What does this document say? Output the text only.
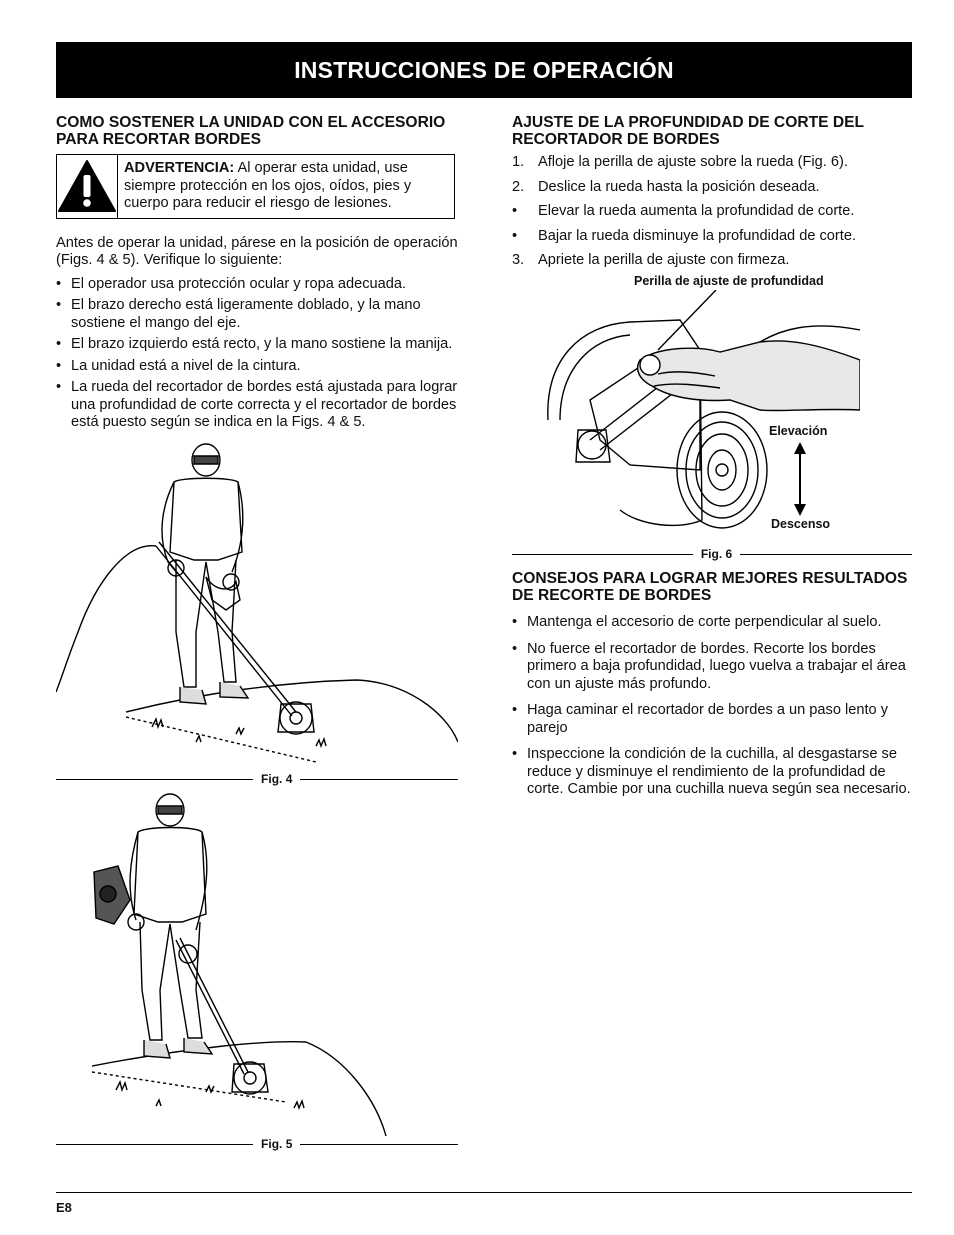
INSTRUCCIONES DE OPERACIÓN
COMO SOSTENER LA UNIDAD CON EL ACCESORIO PARA RECORTAR BORDES
ADVERTENCIA: Al operar esta unidad, use siempre protección en los ojos, oídos, pies y cuerpo para reducir el riesgo de lesiones.

Antes de operar la unidad, párese en la posición de operación (Figs. 4 & 5). Verifique lo siguiente:

• El operador usa protección ocular y ropa adecuada.
• El brazo derecho está ligeramente doblado, y la mano sostiene el mango del eje.
• El brazo izquierdo está recto, y la mano sostiene la manija.
• La unidad está a nivel de la cintura.
• La rueda del recortador de bordes está ajustada para lograr una profundidad de corte correcta y el recortador de bordes está puesto según se indica en la Figs. 4 & 5.
Fig. 4
Fig. 5
AJUSTE DE LA PROFUNDIDAD DE CORTE DEL RECORTADOR DE BORDES
1. Afloje la perilla de ajuste sobre la rueda (Fig. 6).
2. Deslice la rueda hasta la posición deseada.
• Elevar la rueda aumenta la profundidad de corte.
• Bajar la rueda disminuye la profundidad de corte.
3. Apriete la perilla de ajuste con firmeza.
Perilla de ajuste de profundidad
Elevación
Descenso
Fig. 6
CONSEJOS PARA LOGRAR MEJORES RESULTADOS DE RECORTE DE BORDES
• Mantenga el accesorio de corte perpendicular al suelo.
• No fuerce el recortador de bordes. Recorte los bordes primero a baja profundidad, luego vuelva a trabajar el área con un ajuste más profundo.
• Haga caminar el recortador de bordes a un paso lento y parejo
• Inspeccione la condición de la cuchilla, al desgastarse se reduce y disminuye el rendimiento de la profundidad de corte. Cambie por una cuchilla nueva según sea necesario.
E8
